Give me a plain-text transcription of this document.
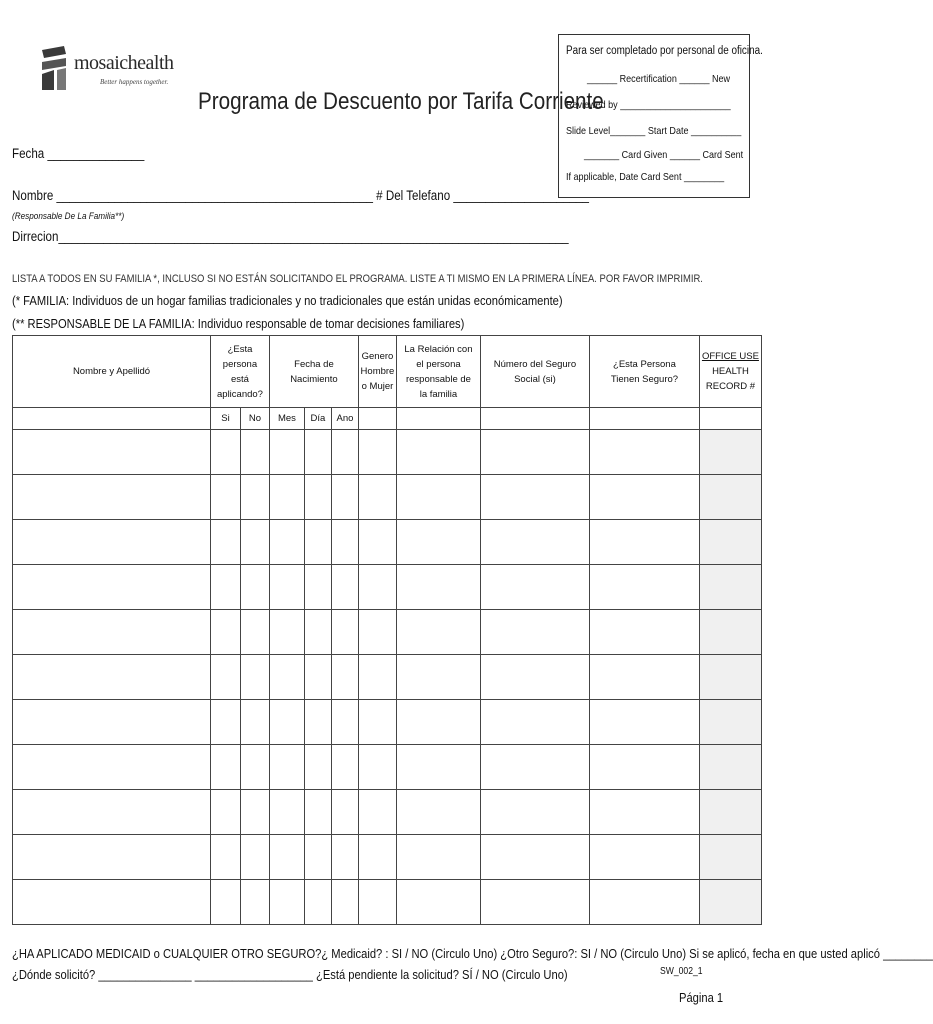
mosaichealth
Better happens together.
Programa de Descuento por Tarifa Corriente
Para ser completado por personal de oficina.
______ Recertification ______ New
Reviewed by ______________________
Slide Level_______ Start Date __________
_______ Card Given ______ Card Sent
If applicable, Date Card Sent ________
Fecha _______________
Nombre _________________________________________________ # Del Telefano _____________________
(Responsable De La Familia**)
Dirrecion_______________________________________________________________________________
LISTA A TODOS EN SU FAMILIA *, INCLUSO SI NO ESTÁN SOLICITANDO EL PROGRAMA. LISTE A TI MISMO EN LA PRIMERA LÍNEA. POR FAVOR IMPRIMIR.
(* FAMILIA: Individuos de un hogar familias tradicionales y no tradicionales que están unidas económicamente)
(** RESPONSABLE DE LA FAMILIA: Individuo responsable de tomar decisiones familiares)
Nombre y Apellidó	¿Esta persona está aplicando?		Fecha de Nacimiento			Genero Hombre o Mujer	La Relación con el persona responsable de la familia	Número del Seguro Social (si)	¿Esta Persona Tienen Seguro?	OFFICE USE
HEALTH RECORD #
	Si	No	Mes	Día	Ano					

¿HA APLICADO MEDICAID o CUALQUIER OTRO SEGURO?¿ Medicaid? : SI / NO (Circulo Uno) ¿Otro Seguro?: SI / NO (Circulo Uno) Si se aplicó, fecha en que usted aplicó ________
¿Dónde solicitó? _______________ ___________________ ¿Está pendiente la solicitud? SÍ / NO (Circulo Uno)	SW_002_1
Página 1
